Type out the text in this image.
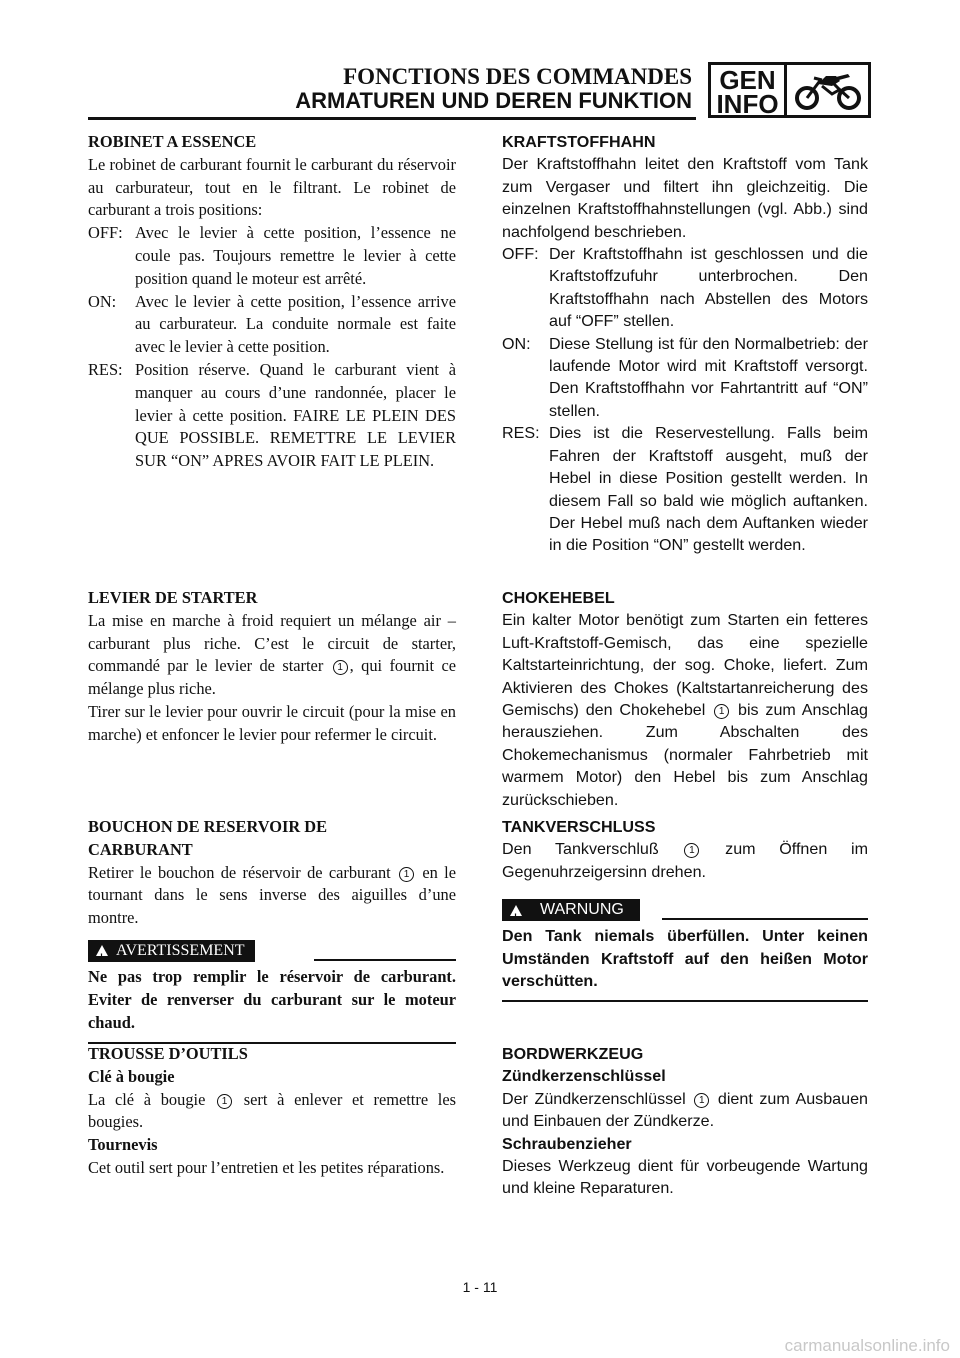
FONCTIONS DES COMMANDES
ARMATUREN UND DEREN FUNKTION
GEN
INFO
ROBINET A ESSENCE
Le robinet de carburant fournit le carburant du réservoir au carburateur, tout en le filtrant. Le robinet de carburant a trois positions:
OFF: Avec le levier à cette position, l’essence ne coule pas. Toujours remettre le levier à cette position quand le moteur est arrêté.
ON:	Avec le levier à cette position, l’essence arrive au carburateur. La conduite normale est faite avec le levier à cette position.
RES: Position réserve. Quand le carburant vient à manquer au cours d’une randonnée, placer le levier à cette position. FAIRE LE PLEIN DES QUE POSSIBLE. REMETTRE LE LEVIER SUR “ON” APRES AVOIR FAIT LE PLEIN.
LEVIER DE STARTER
La mise en marche à froid requiert un mélange air – carburant plus riche. C’est le circuit de starter, commandé par le levier de starter 1 , qui fournit ce mélange plus riche.
Tirer sur le levier pour ouvrir le circuit (pour la mise en marche) et enfoncer le levier pour refermer le circuit.
BOUCHON DE RESERVOIR DE
CARBURANT
Retirer le bouchon de réservoir de carburant 1 en le tournant dans le sens inverse des aiguilles d’une montre.
! AVERTISSEMENT
Ne pas trop remplir le réservoir de carburant. Eviter de renverser du carburant sur le moteur chaud.
TROUSSE D’OUTILS
Clé à bougie
La clé à bougie 1 sert à enlever et remettre les bougies.
Tournevis
Cet outil sert pour l’entretien et les petites réparations.
KRAFTSTOFFHAHN
Der Kraftstoffhahn leitet den Kraftstoff vom Tank zum Vergaser und filtert ihn gleichzeitig. Die einzelnen Kraftstoffhahnstellungen (vgl. Abb.) sind nachfolgend beschrieben.
OFF: Der Kraftstoffhahn ist geschlossen und die Kraftstoffzufuhr unterbrochen. Den Kraftstoffhahn nach Abstellen des Motors auf “OFF” stellen.
ON:	Diese Stellung ist für den Normalbetrieb: der laufende Motor wird mit Kraftstoff versorgt. Den Kraftstoffhahn vor Fahrtantritt auf “ON” stellen.
RES: Dies ist die Reservestellung. Falls beim Fahren der Kraftstoff ausgeht, muß der Hebel in diese Position gestellt werden. In diesem Fall so bald wie möglich auftanken. Der Hebel muß nach dem Auftanken wieder in die Position “ON” gestellt werden.
CHOKEHEBEL
Ein kalter Motor benötigt zum Starten ein fetteres Luft-Kraftstoff-Gemisch, das eine spezielle Kaltstarteinrichtung, der sog. Choke, liefert. Zum Aktivieren des Chokes (Kaltstartanreicherung des Gemischs) den Chokehebel 1 bis zum Anschlag herausziehen. Zum Abschalten des Chokemechanismus (normaler Fahrbetrieb mit warmem Motor) den Hebel bis zum Anschlag zurückschieben.
TANKVERSCHLUSS
Den Tankverschluß	1 zum Öffnen im Gegenuhrzeigersinn drehen.
! WARNUNG
Den Tank niemals überfüllen. Unter keinen Umständen Kraftstoff auf den heißen Motor verschütten.
BORDWERKZEUG
Zündkerzenschlüssel
Der Zündkerzenschlüssel 1 dient zum Ausbauen und Einbauen der Zündkerze.
Schraubenzieher
Dieses Werkzeug dient für vorbeugende Wartung und kleine Reparaturen.
1 - 11
carmanualsonline.info
